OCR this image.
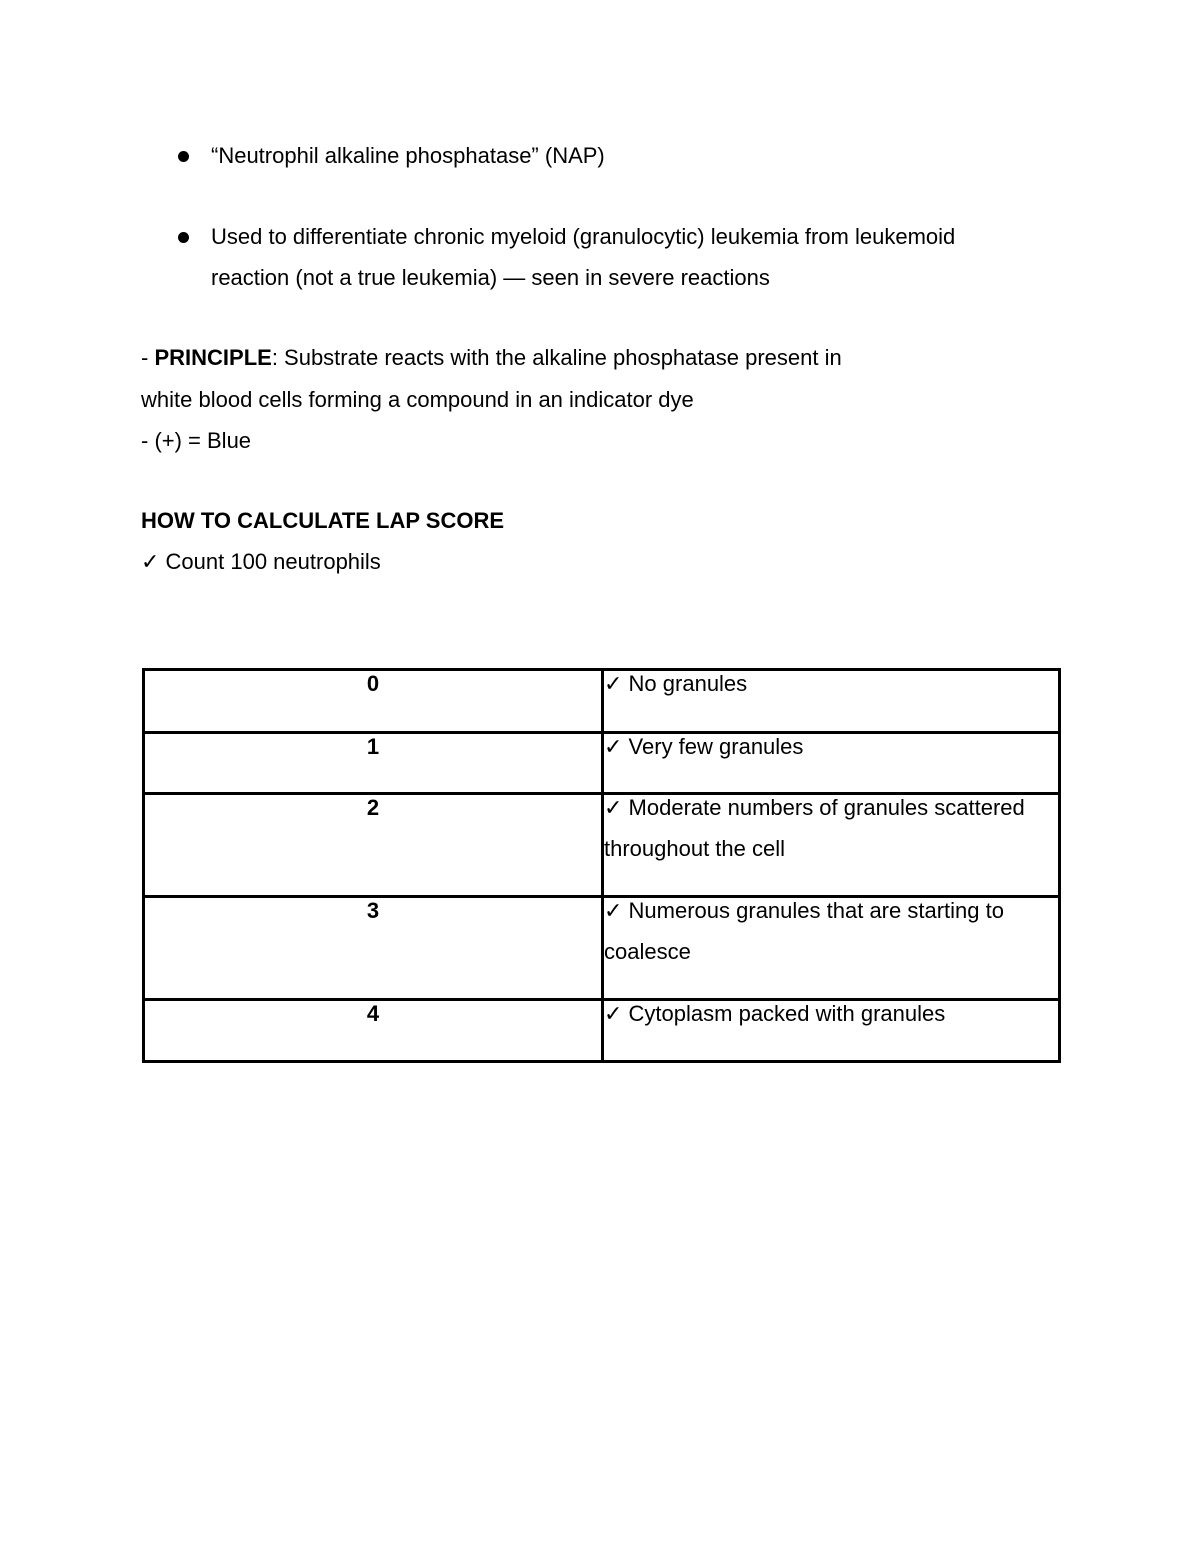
“Neutrophil alkaline phosphatase” (NAP)
Used to differentiate chronic myeloid (granulocytic) leukemia from leukemoid
reaction (not a true leukemia) — seen in severe reactions
- PRINCIPLE: Substrate reacts with the alkaline phosphatase present in
white blood cells forming a compound in an indicator dye
- (+) = Blue
HOW TO CALCULATE LAP SCORE
✓ Count 100 neutrophils
0	✓ No granules

1	✓ Very few granules

2	✓ Moderate numbers of granules scattered throughout the cell

3	✓ Numerous granules that are starting to coalesce

4	✓ Cytoplasm packed with granules
